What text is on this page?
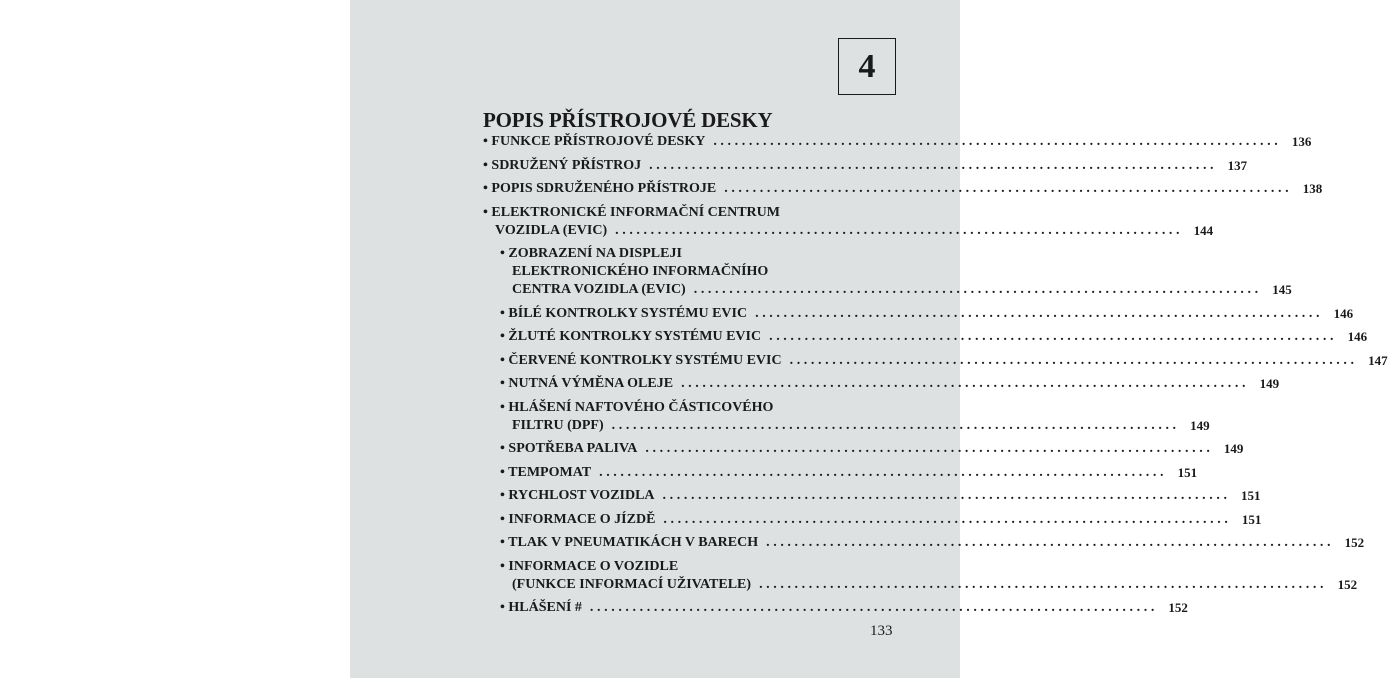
4
POPIS PŘÍSTROJOVÉ DESKY
• FUNKCE PŘÍSTROJOVÉ DESKY ................................................................................ 136
• SDRUŽENÝ PŘÍSTROJ ................................................................................ 137
• POPIS SDRUŽENÉHO PŘÍSTROJE ................................................................................ 138
• ELEKTRONICKÉ INFORMAČNÍ CENTRUM
VOZIDLA (EVIC) ................................................................................ 144
• ZOBRAZENÍ NA DISPLEJI
ELEKTRONICKÉHO INFORMAČNÍHO
CENTRA VOZIDLA (EVIC) ................................................................................ 145
• BÍLÉ KONTROLKY SYSTÉMU EVIC ................................................................................ 146
• ŽLUTÉ KONTROLKY SYSTÉMU EVIC ................................................................................ 146
• ČERVENÉ KONTROLKY SYSTÉMU EVIC ................................................................................ 147
• NUTNÁ VÝMĚNA OLEJE ................................................................................ 149
• HLÁŠENÍ NAFTOVÉHO ČÁSTICOVÉHO
FILTRU (DPF) ................................................................................ 149
• SPOTŘEBA PALIVA ................................................................................ 149
• TEMPOMAT ................................................................................ 151
• RYCHLOST VOZIDLA ................................................................................ 151
• INFORMACE O JÍZDĚ ................................................................................ 151
• TLAK V PNEUMATIKÁCH V BARECH ................................................................................ 152
• INFORMACE O VOZIDLE
(FUNKCE INFORMACÍ UŽIVATELE) ................................................................................ 152
• HLÁŠENÍ # ................................................................................ 152
133
